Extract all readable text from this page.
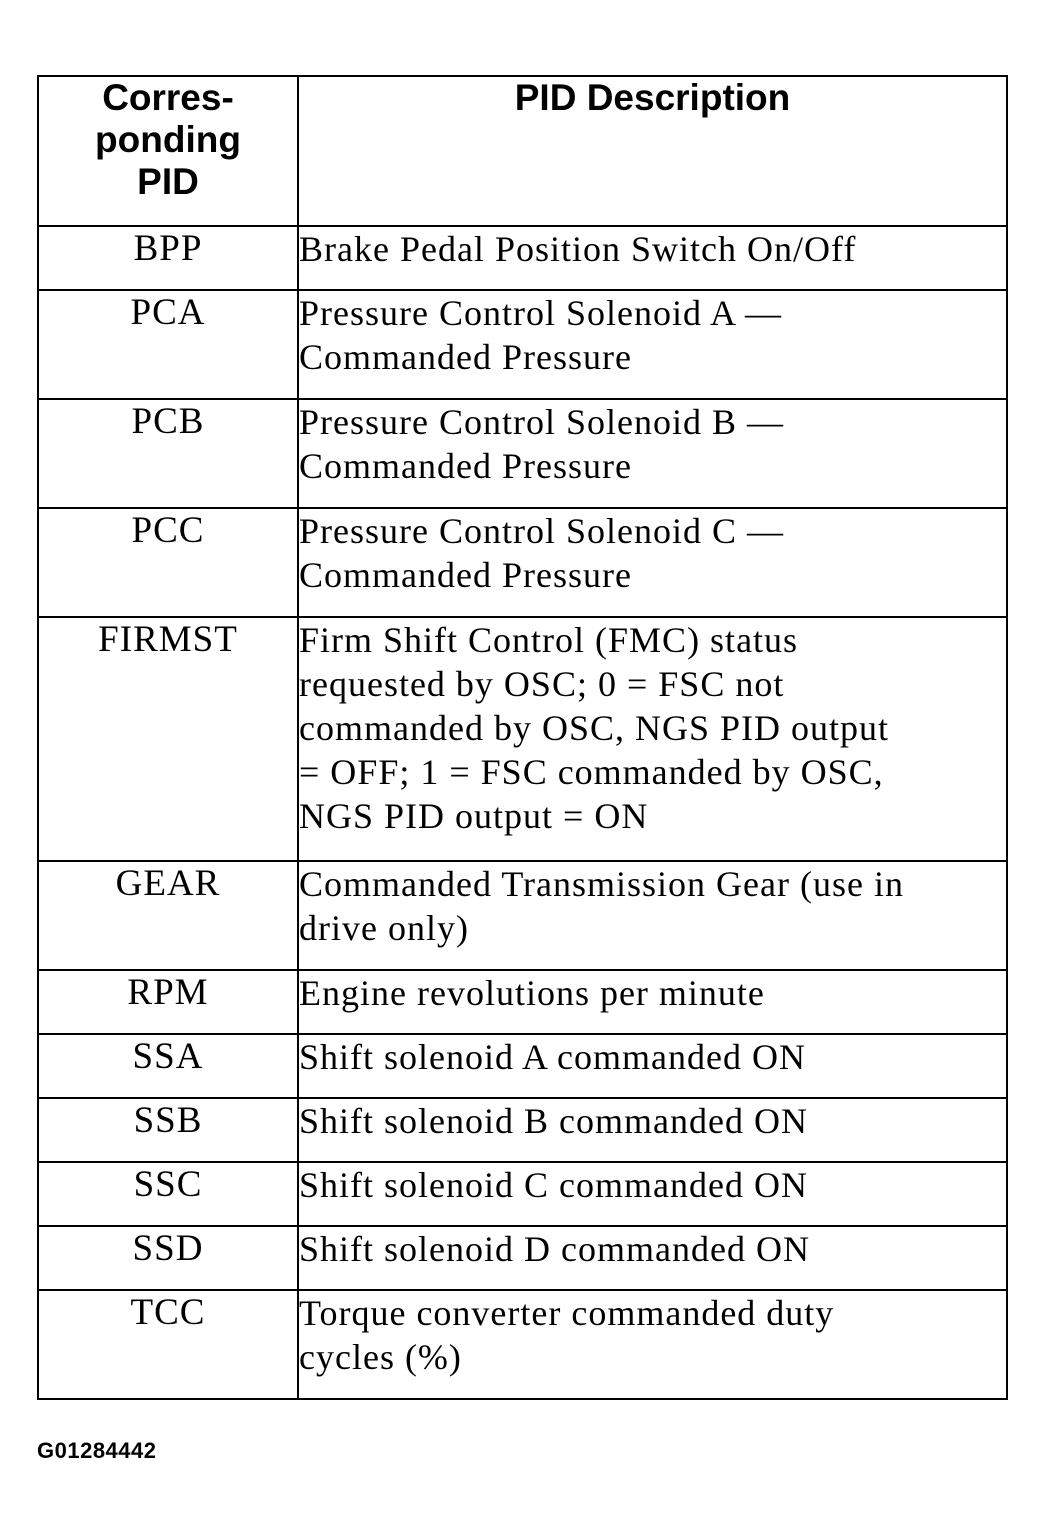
Corres-
ponding
PID	PID Description
BPP	Brake Pedal Position Switch On/Off

PCA	Pressure Control Solenoid A —
Commanded Pressure

PCB	Pressure Control Solenoid B —
Commanded Pressure

PCC	Pressure Control Solenoid C —
Commanded Pressure

FIRMST	Firm Shift Control (FMC) status
requested by OSC; 0 = FSC not
commanded by OSC, NGS PID output
= OFF; 1 = FSC commanded by OSC,
NGS PID output = ON

GEAR	Commanded Transmission Gear (use in
drive only)

RPM	Engine revolutions per minute

SSA	Shift solenoid A commanded ON

SSB	Shift solenoid B commanded ON

SSC	Shift solenoid C commanded ON

SSD	Shift solenoid D commanded ON

TCC	Torque converter commanded duty
cycles (%)
G01284442
